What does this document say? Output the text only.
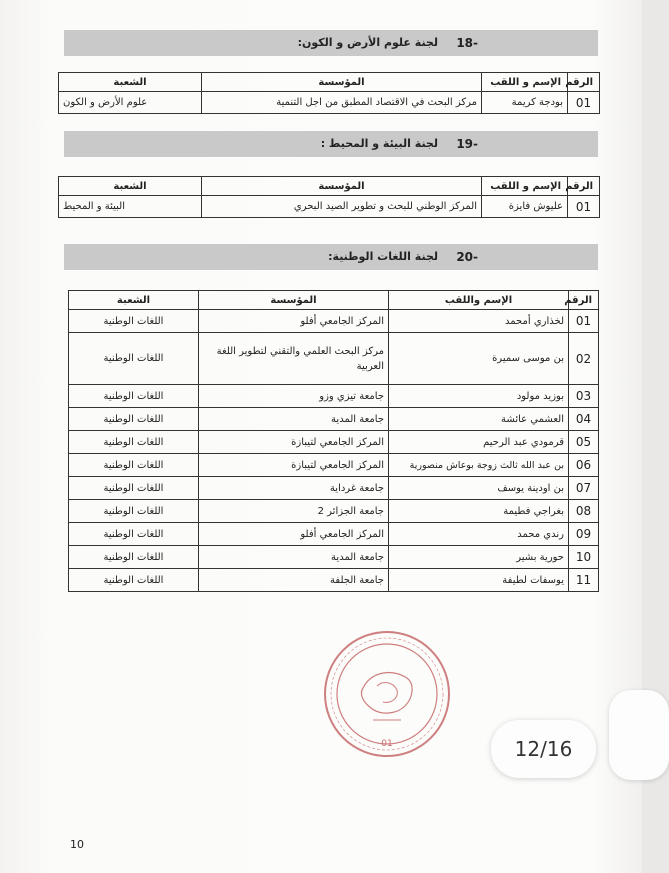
18-
لجنة علوم الأرض و الكون:
الرقم	الإسم و اللقب	المؤسسة	الشعبة
01	بودجة كريمة	مركز البحث في الاقتصاد المطبق من اجل التنمية	علوم الأرض و الكون
19-
لجنة البيئة و المحيط :
الرقم	الإسم و اللقب	المؤسسة	الشعبة
01	عليوش فايزة	المركز الوطني للبحث و تطوير الصيد البحري	البيئة و المحيط
20-
لجنة اللغات الوطنية:
الرقم	الإسم واللقب	المؤسسة	الشعبة
01	لخذاري أمحمد	المركز الجامعي أفلو	اللغات الوطنية
02	بن موسى سميرة	مركز البحث العلمي والتقني لتطوير اللغة العربية	اللغات الوطنية
03	بوزيد مولود	جامعة تيزي وزو	اللغات الوطنية
04	العشمي عائشة	جامعة المدية	اللغات الوطنية
05	قرمودي عبد الرحيم	المركز الجامعي لتيبازة	اللغات الوطنية
06	بن عبد الله ثالث زوجة بوعاش منصورية	المركز الجامعي لتيبازة	اللغات الوطنية
07	بن اودينة يوسف	جامعة غرداية	اللغات الوطنية
08	بغراجي فطيمة	جامعة الجزائر 2	اللغات الوطنية
09	رندي محمد	المركز الجامعي أفلو	اللغات الوطنية
10	حورية بشير	جامعة المدية	اللغات الوطنية
11	يوسفات لطيفة	جامعة الجلفة	اللغات الوطنية
01
10
12/16
